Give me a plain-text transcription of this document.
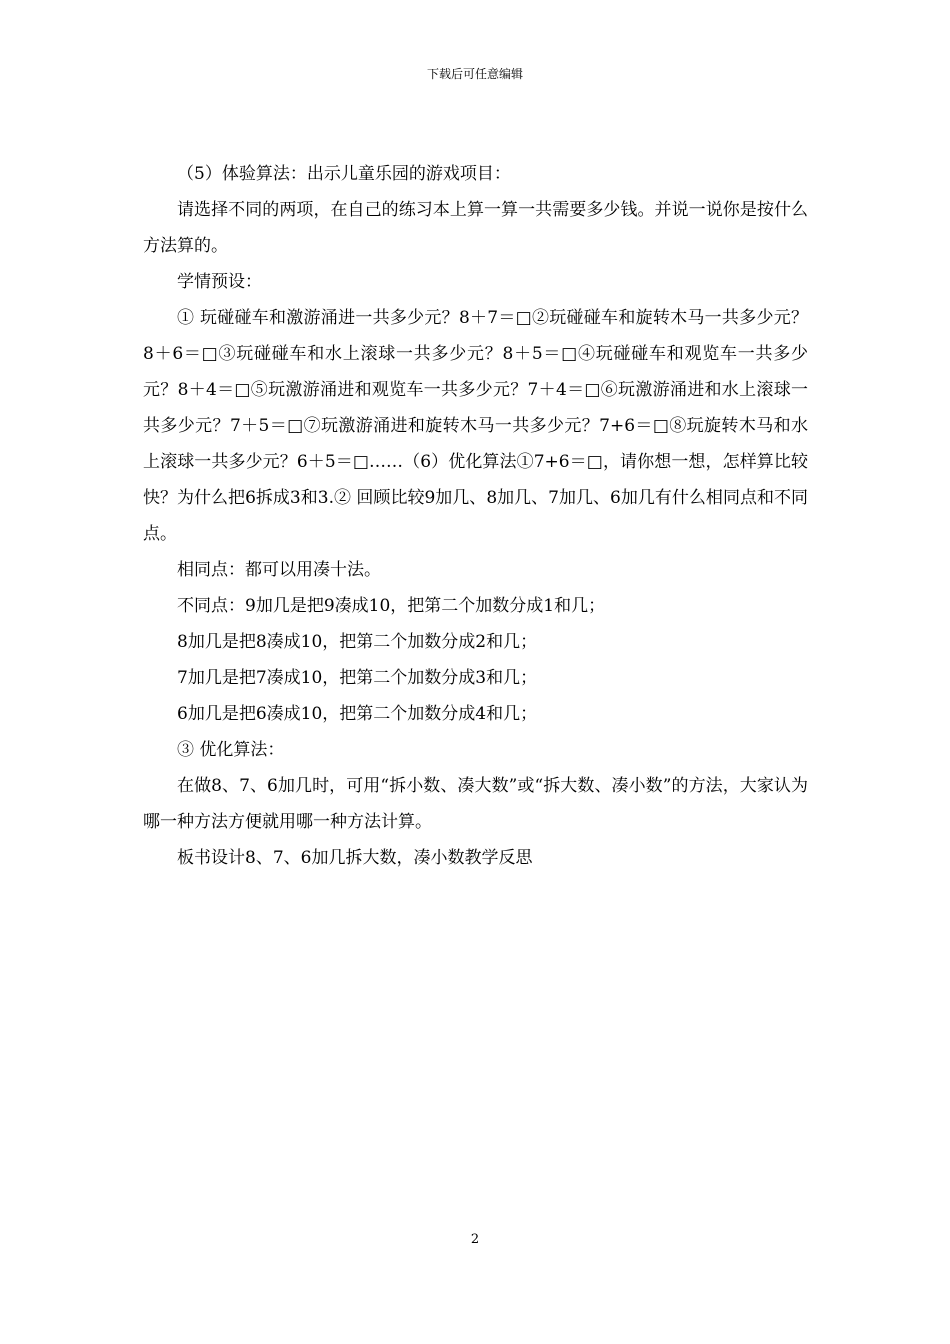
下载后可任意编辑

（5）体验算法：出示儿童乐园的游戏项目：

请选择不同的两项，在自己的练习本上算一算一共需要多少钱。并说一说你是按什么方法算的。

学情预设：

① 玩碰碰车和激游涌进一共多少元？8＋7＝□②玩碰碰车和旋转木马一共多少元？8＋6＝□③玩碰碰车和水上滚球一共多少元？8＋5＝□④玩碰碰车和观览车一共多少元？8＋4＝□⑤玩激游涌进和观览车一共多少元？7＋4＝□⑥玩激游涌进和水上滚球一共多少元？7＋5＝□⑦玩激游涌进和旋转木马一共多少元？7+6＝□⑧玩旋转木马和水上滚球一共多少元？6＋5＝□……（6）优化算法①7+6＝□，请你想一想，怎样算比较快？为什么把6拆成3和3.② 回顾比较9加几、8加几、7加几、6加几有什么相同点和不同点。

相同点：都可以用凑十法。

不同点：9加几是把9凑成10，把第二个加数分成1和几；

8加几是把8凑成10，把第二个加数分成2和几；

7加几是把7凑成10，把第二个加数分成3和几；

6加几是把6凑成10，把第二个加数分成4和几；

③ 优化算法：

在做8、7、6加几时，可用“拆小数、凑大数”或“拆大数、凑小数”的方法，大家认为哪一种方法方便就用哪一种方法计算。

板书设计8、7、6加几拆大数，凑小数教学反思

2
